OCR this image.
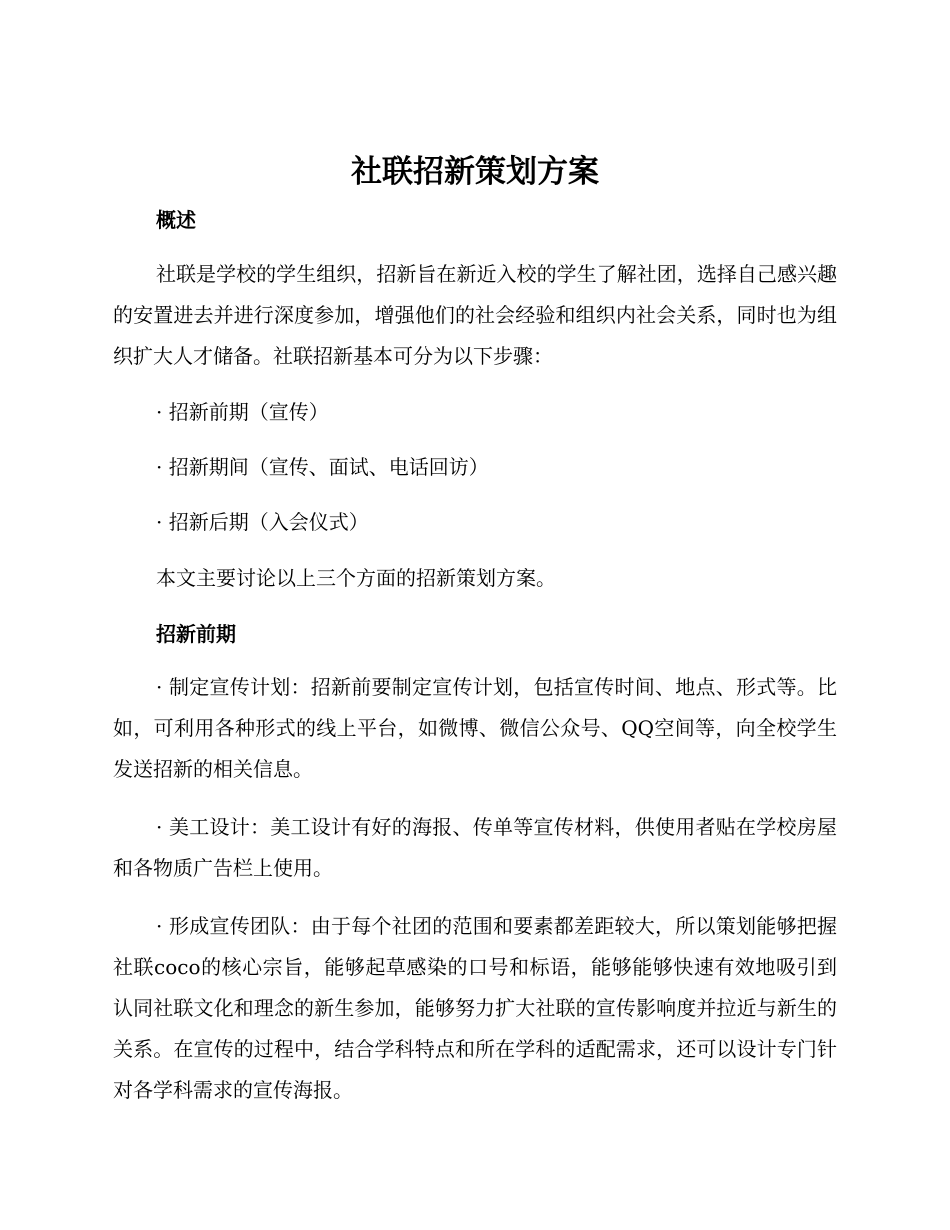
社联招新策划方案
概述

社联是学校的学生组织，招新旨在新近入校的学生了解社团，选择自己感兴趣的安置进去并进行深度参加，增强他们的社会经验和组织内社会关系，同时也为组织扩大人才储备。社联招新基本可分为以下步骤：

· 招新前期（宣传）

· 招新期间（宣传、面试、电话回访）

· 招新后期（入会仪式）

本文主要讨论以上三个方面的招新策划方案。

招新前期

· 制定宣传计划：招新前要制定宣传计划，包括宣传时间、地点、形式等。比如，可利用各种形式的线上平台，如微博、微信公众号、QQ空间等，向全校学生发送招新的相关信息。

· 美工设计：美工设计有好的海报、传单等宣传材料，供使用者贴在学校房屋和各物质广告栏上使用。

· 形成宣传团队：由于每个社团的范围和要素都差距较大，所以策划能够把握社联coco的核心宗旨，能够起草感染的口号和标语，能够能够快速有效地吸引到认同社联文化和理念的新生参加，能够努力扩大社联的宣传影响度并拉近与新生的关系。在宣传的过程中，结合学科特点和所在学科的适配需求，还可以设计专门针对各学科需求的宣传海报。
